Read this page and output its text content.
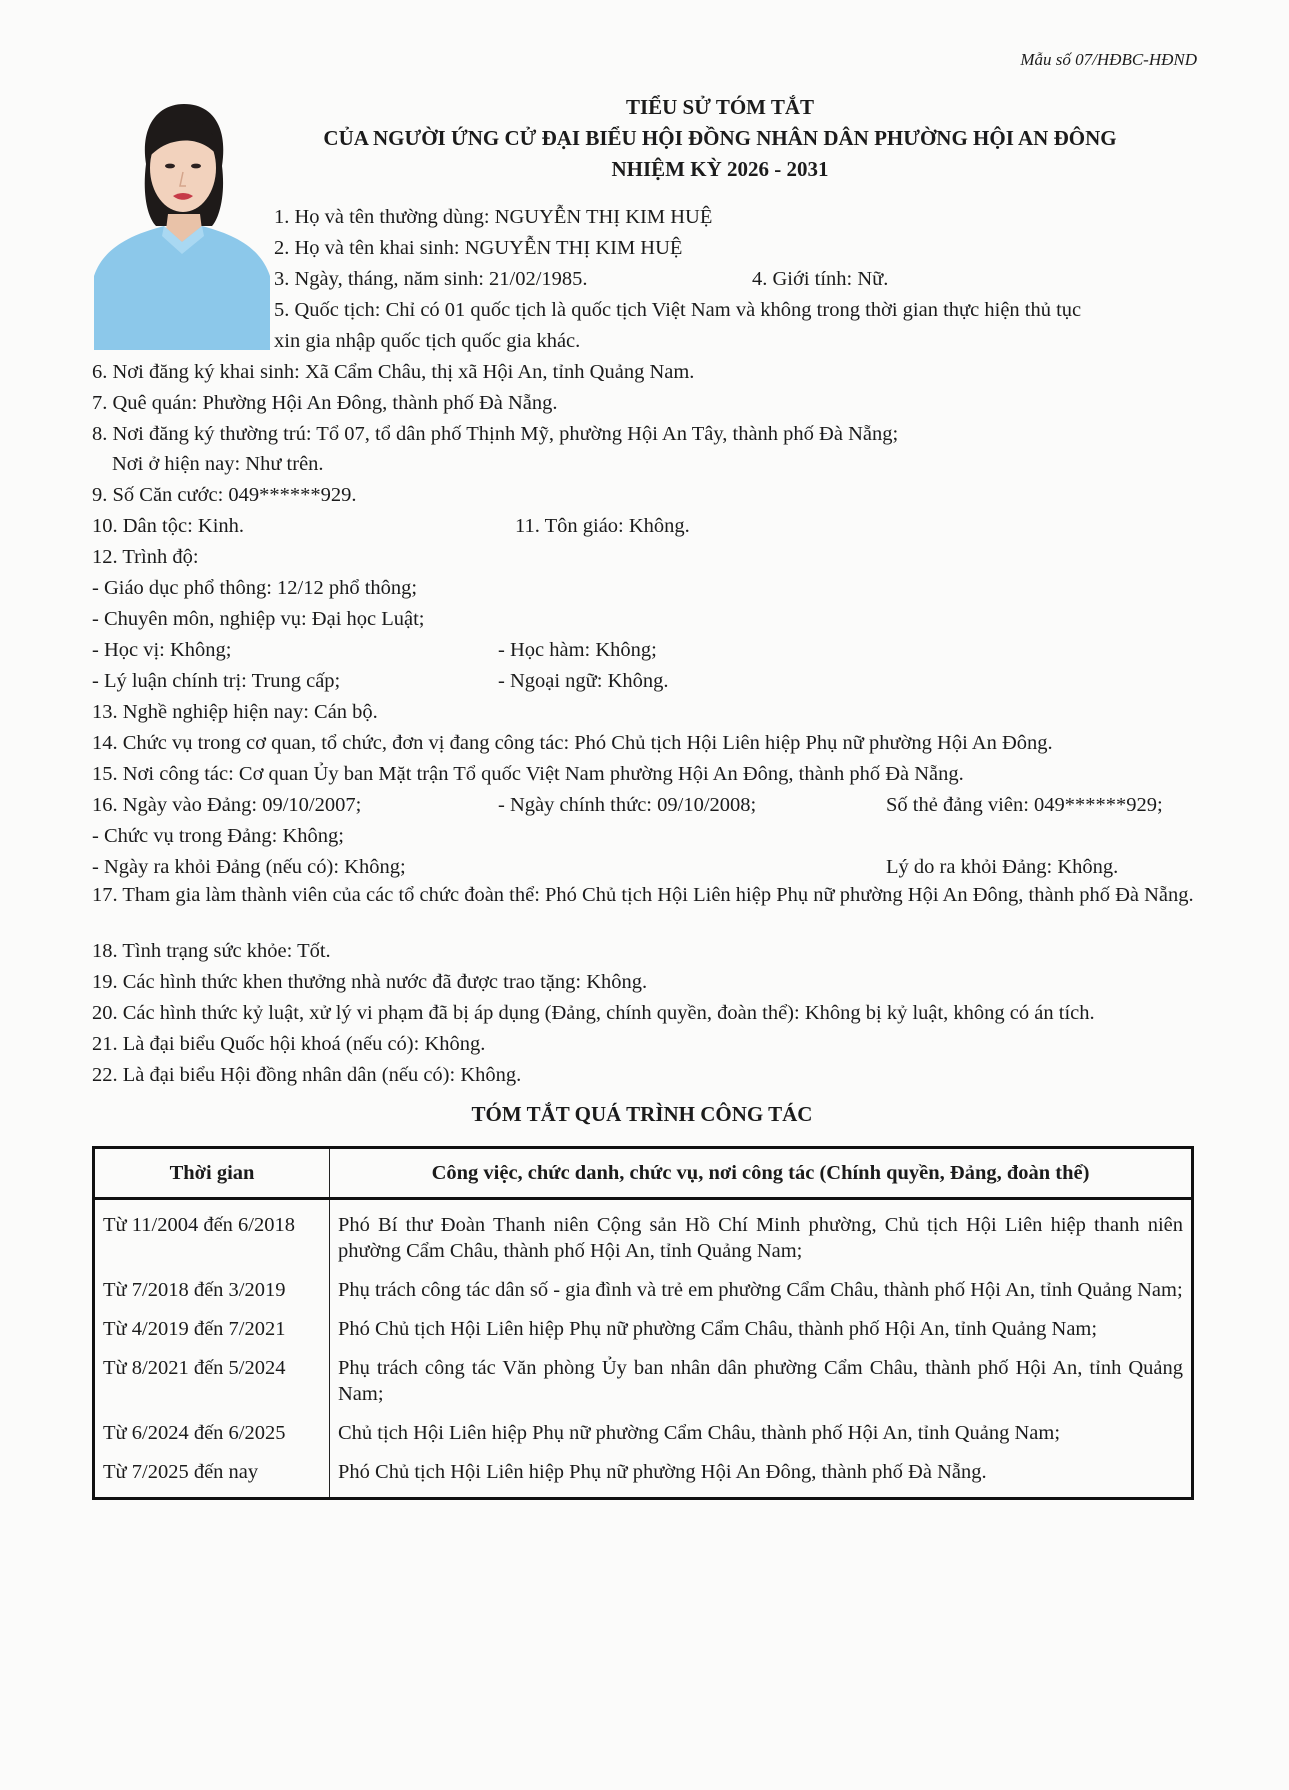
Mẫu số 07/HĐBC-HĐND
TIỂU SỬ TÓM TẮT
CỦA NGƯỜI ỨNG CỬ ĐẠI BIỂU HỘI ĐỒNG NHÂN DÂN PHƯỜNG HỘI AN ĐÔNG
NHIỆM KỲ 2026 - 2031
1. Họ và tên thường dùng: NGUYỄN THỊ KIM HUỆ
2. Họ và tên khai sinh: NGUYỄN THỊ KIM HUỆ
3. Ngày, tháng, năm sinh: 21/02/1985.	4. Giới tính: Nữ.
5. Quốc tịch: Chỉ có 01 quốc tịch là quốc tịch Việt Nam và không trong thời gian thực hiện thủ tục
xin gia nhập quốc tịch quốc gia khác.
6. Nơi đăng ký khai sinh: Xã Cẩm Châu, thị xã Hội An, tỉnh Quảng Nam.
7. Quê quán: Phường Hội An Đông, thành phố Đà Nẵng.
8. Nơi đăng ký thường trú: Tổ 07, tổ dân phố Thịnh Mỹ, phường Hội An Tây, thành phố Đà Nẵng;
Nơi ở hiện nay: Như trên.
9. Số Căn cước: 049******929.
10. Dân tộc: Kinh.	11. Tôn giáo: Không.
12. Trình độ:
- Giáo dục phổ thông: 12/12 phổ thông;
- Chuyên môn, nghiệp vụ: Đại học Luật;
- Học vị: Không;	- Học hàm: Không;
- Lý luận chính trị: Trung cấp;	- Ngoại ngữ: Không.
13. Nghề nghiệp hiện nay: Cán bộ.
14. Chức vụ trong cơ quan, tổ chức, đơn vị đang công tác: Phó Chủ tịch Hội Liên hiệp Phụ nữ phường Hội An Đông.
15. Nơi công tác: Cơ quan Ủy ban Mặt trận Tổ quốc Việt Nam phường Hội An Đông, thành phố Đà Nẵng.
16. Ngày vào Đảng: 09/10/2007;	- Ngày chính thức: 09/10/2008;	Số thẻ đảng viên: 049******929;
- Chức vụ trong Đảng: Không;
- Ngày ra khỏi Đảng (nếu có): Không;	Lý do ra khỏi Đảng: Không.
17. Tham gia làm thành viên của các tổ chức đoàn thể: Phó Chủ tịch Hội Liên hiệp Phụ nữ phường Hội An Đông, thành phố Đà Nẵng.
18. Tình trạng sức khỏe: Tốt.
19. Các hình thức khen thưởng nhà nước đã được trao tặng: Không.
20. Các hình thức kỷ luật, xử lý vi phạm đã bị áp dụng (Đảng, chính quyền, đoàn thể): Không bị kỷ luật, không có án tích.
21. Là đại biểu Quốc hội khoá (nếu có): Không.
22. Là đại biểu Hội đồng nhân dân (nếu có): Không.
TÓM TẮT QUÁ TRÌNH CÔNG TÁC
Thời gian	Công việc, chức danh, chức vụ, nơi công tác (Chính quyền, Đảng, đoàn thể)
Từ 11/2004 đến 6/2018	Phó Bí thư Đoàn Thanh niên Cộng sản Hồ Chí Minh phường, Chủ tịch Hội Liên hiệp thanh niên phường Cẩm Châu, thành phố Hội An, tỉnh Quảng Nam;
Từ 7/2018 đến 3/2019	Phụ trách công tác dân số - gia đình và trẻ em phường Cẩm Châu, thành phố Hội An, tỉnh Quảng Nam;
Từ 4/2019 đến 7/2021	Phó Chủ tịch Hội Liên hiệp Phụ nữ phường Cẩm Châu, thành phố Hội An, tỉnh Quảng Nam;
Từ 8/2021 đến 5/2024	Phụ trách công tác Văn phòng Ủy ban nhân dân phường Cẩm Châu, thành phố Hội An, tỉnh Quảng Nam;
Từ 6/2024 đến 6/2025	Chủ tịch Hội Liên hiệp Phụ nữ phường Cẩm Châu, thành phố Hội An, tỉnh Quảng Nam;
Từ 7/2025 đến nay	Phó Chủ tịch Hội Liên hiệp Phụ nữ phường Hội An Đông, thành phố Đà Nẵng.
